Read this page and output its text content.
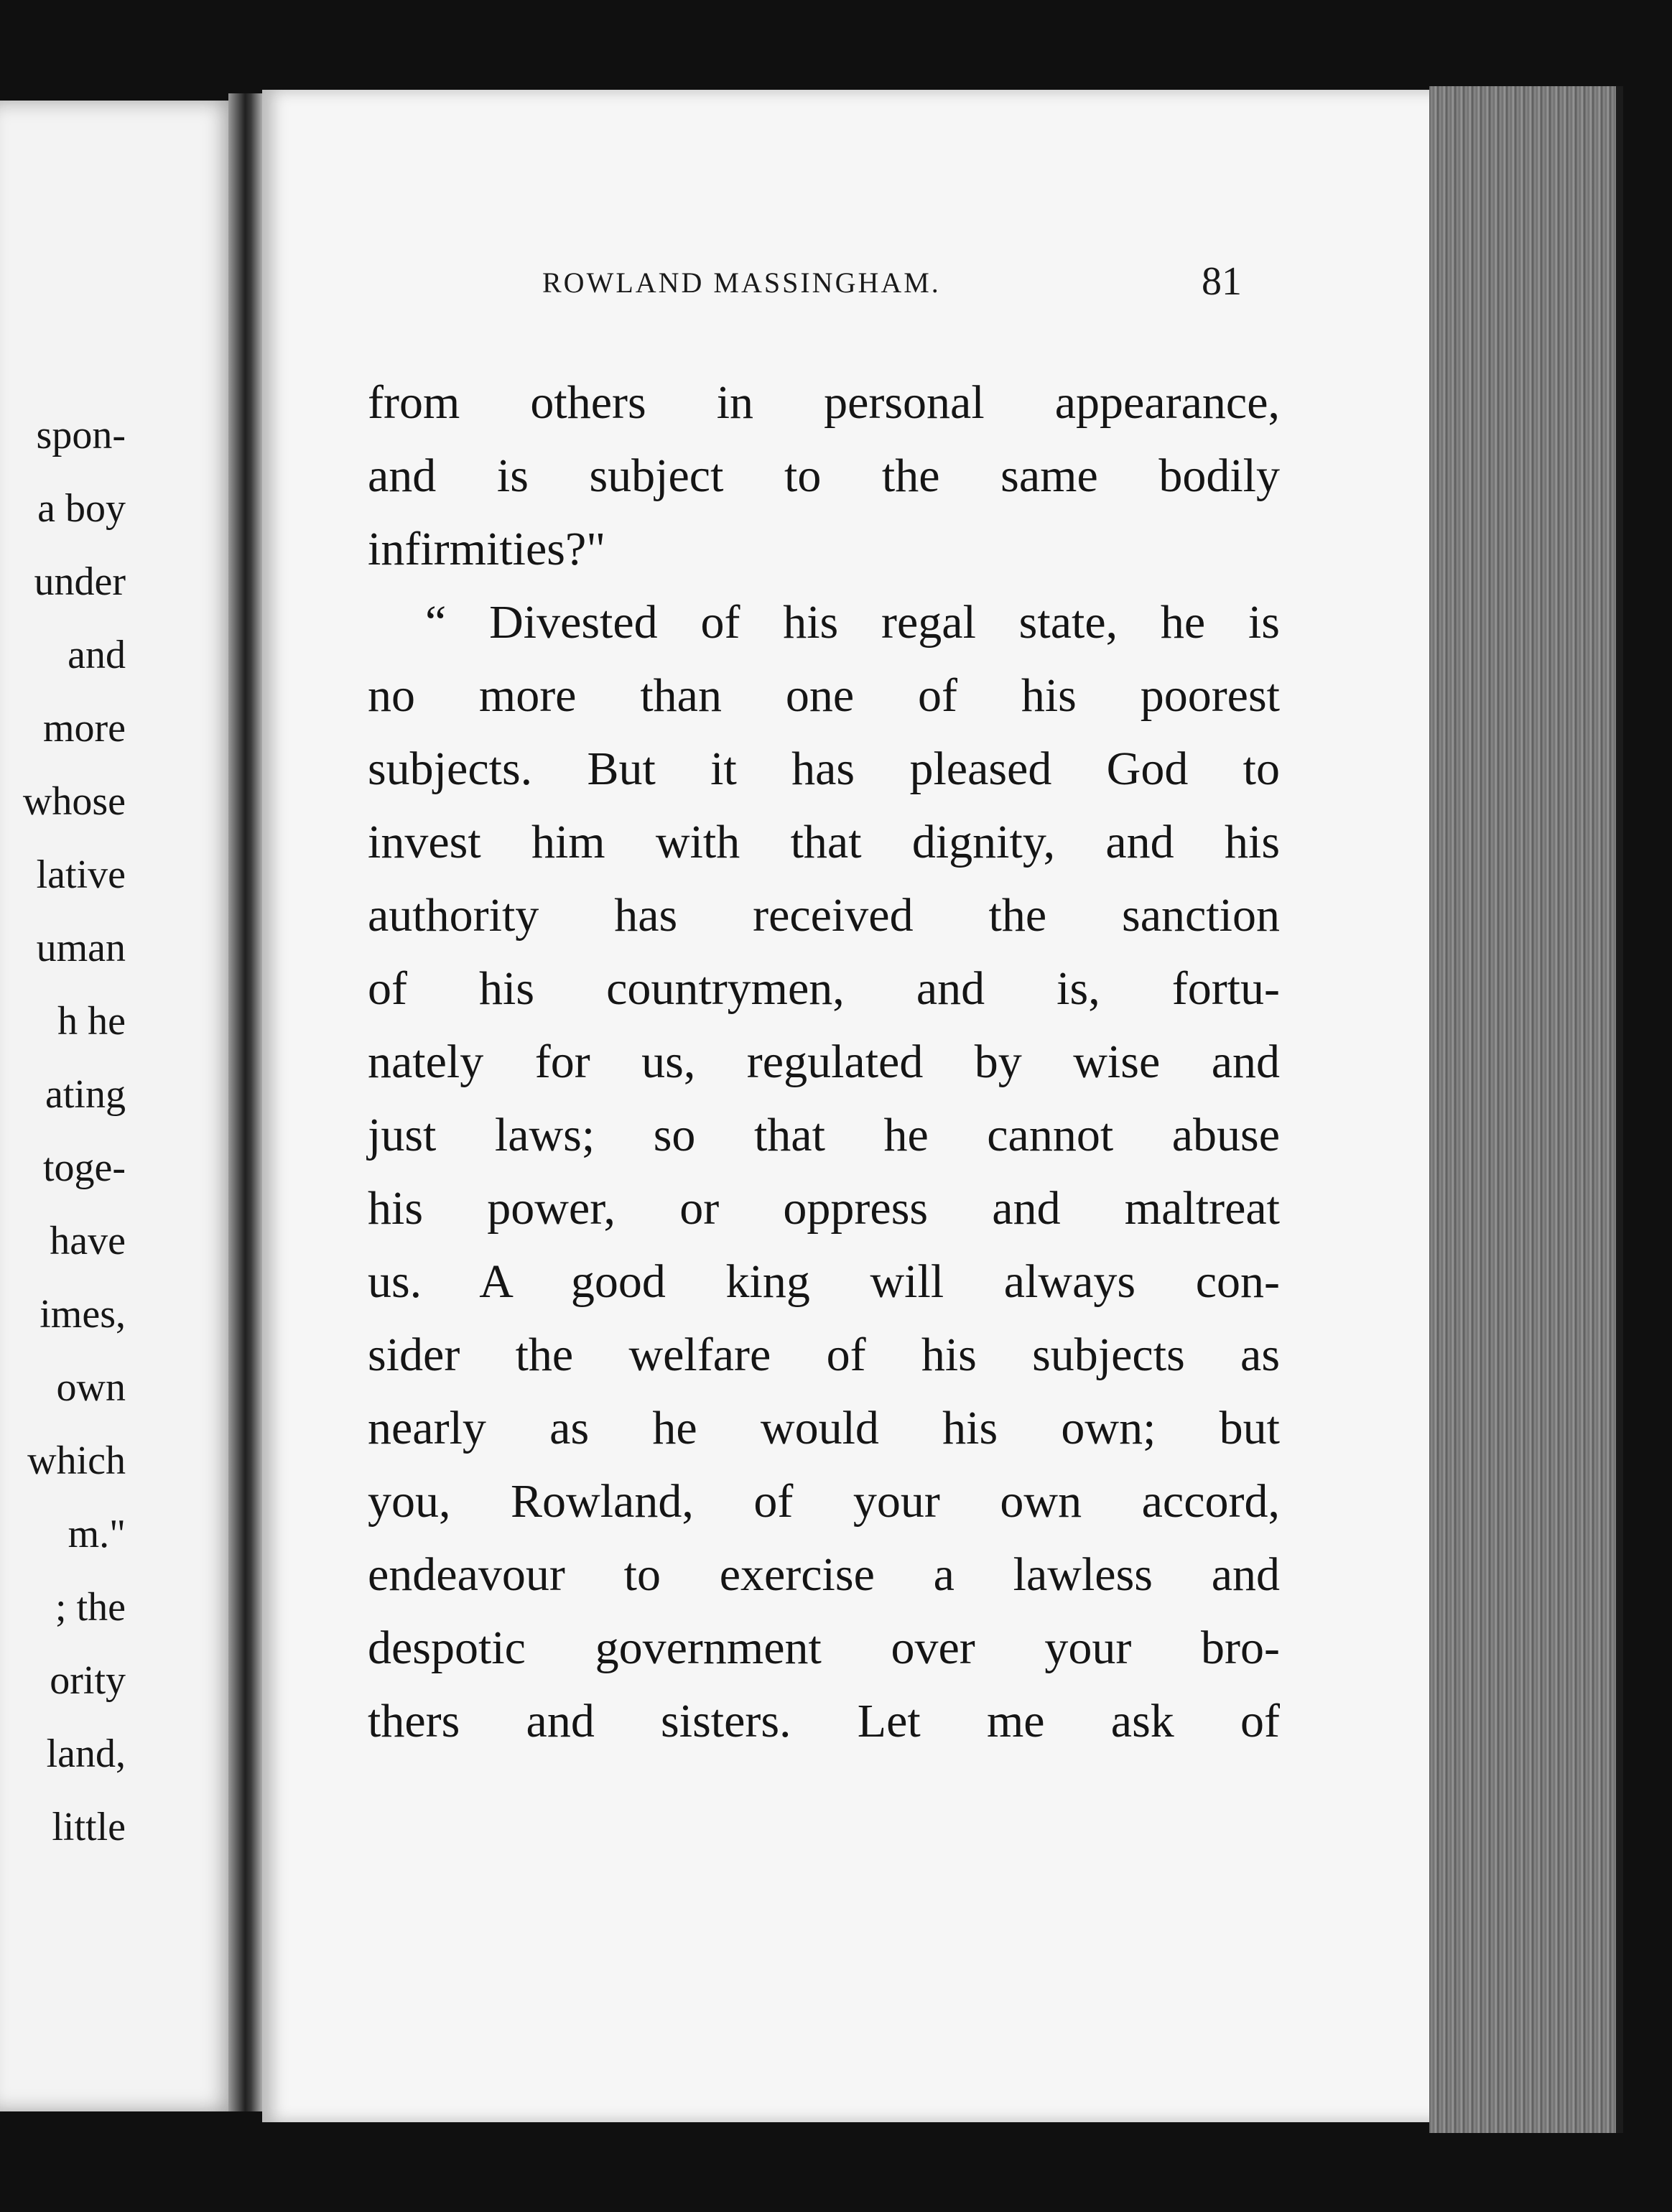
spon-
a boy
under
and
more
whose
lative
uman
h he
ating
toge-
have
imes,
own
which
m."
; the
ority
land,
little
ROWLAND MASSINGHAM.	81
from others in personal appearance,
and is subject to the same bodily
infirmities?"
“ Divested of his regal state, he is
no more than one of his poorest
subjects. But it has pleased God to
invest him with that dignity, and his
authority has received the sanction
of his countrymen, and is, fortu-
nately for us, regulated by wise and
just laws; so that he cannot abuse
his power, or oppress and maltreat
us. A good king will always con-
sider the welfare of his subjects as
nearly as he would his own; but
you, Rowland, of your own accord,
endeavour to exercise a lawless and
despotic government over your bro-
thers and sisters. Let me ask of
